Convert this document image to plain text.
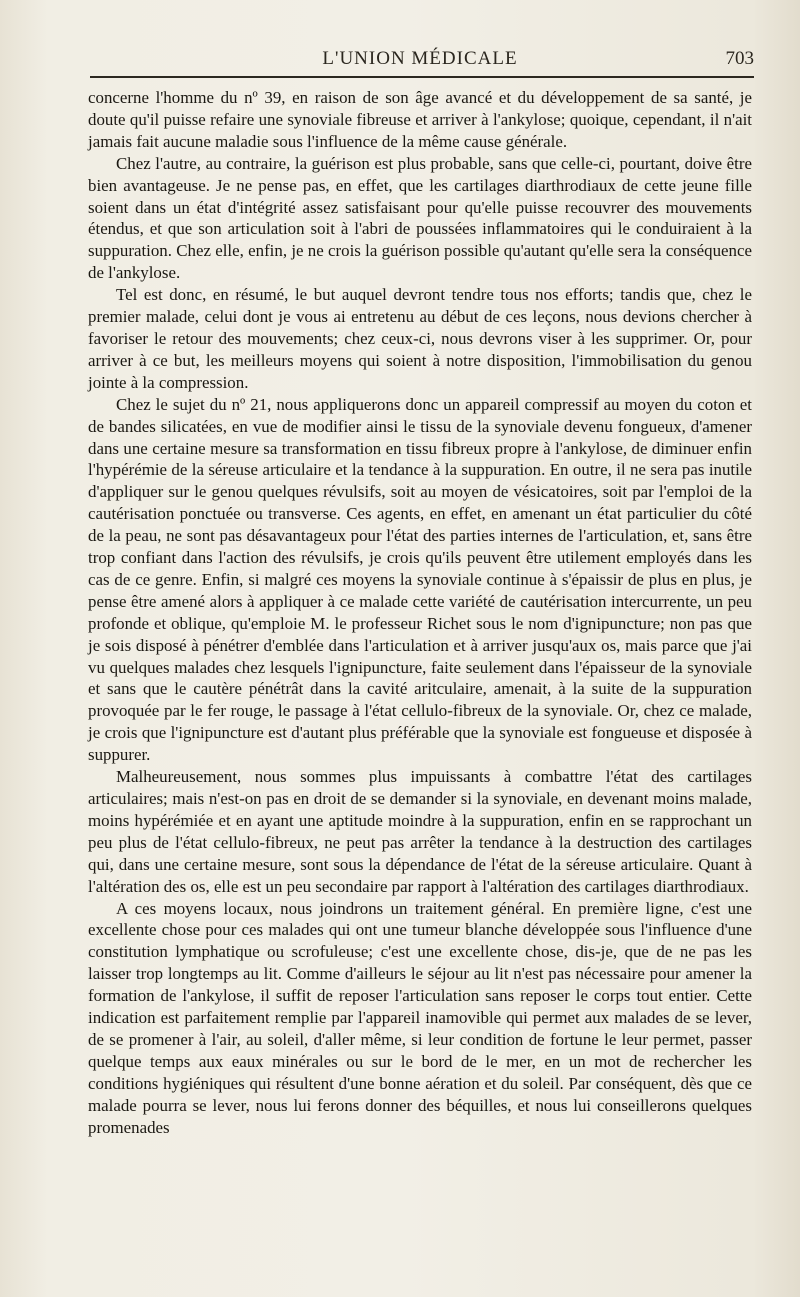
L'UNION MÉDICALE	703

concerne l'homme du nº 39, en raison de son âge avancé et du développement de sa santé, je doute qu'il puisse refaire une synoviale fibreuse et arriver à l'ankylose; quoique, cependant, il n'ait jamais fait aucune maladie sous l'influence de la même cause générale.

Chez l'autre, au contraire, la guérison est plus probable, sans que celle-ci, pourtant, doive être bien avantageuse. Je ne pense pas, en effet, que les cartilages diarthrodiaux de cette jeune fille soient dans un état d'intégrité assez satisfaisant pour qu'elle puisse recouvrer des mouvements étendus, et que son articulation soit à l'abri de poussées inflammatoires qui le conduiraient à la suppuration. Chez elle, enfin, je ne crois la guérison possible qu'autant qu'elle sera la conséquence de l'ankylose.

Tel est donc, en résumé, le but auquel devront tendre tous nos efforts; tandis que, chez le premier malade, celui dont je vous ai entretenu au début de ces leçons, nous devions chercher à favoriser le retour des mouvements; chez ceux-ci, nous devrons viser à les supprimer. Or, pour arriver à ce but, les meilleurs moyens qui soient à notre disposition, l'immobilisation du genou jointe à la compression.

Chez le sujet du nº 21, nous appliquerons donc un appareil compressif au moyen du coton et de bandes silicatées, en vue de modifier ainsi le tissu de la synoviale devenu fongueux, d'amener dans une certaine mesure sa transformation en tissu fibreux propre à l'ankylose, de diminuer enfin l'hypérémie de la séreuse articulaire et la tendance à la suppuration. En outre, il ne sera pas inutile d'appliquer sur le genou quelques révulsifs, soit au moyen de vésicatoires, soit par l'emploi de la cautérisation ponctuée ou transverse. Ces agents, en effet, en amenant un état particulier du côté de la peau, ne sont pas désavantageux pour l'état des parties internes de l'articulation, et, sans être trop confiant dans l'action des révulsifs, je crois qu'ils peuvent être utilement employés dans les cas de ce genre. Enfin, si malgré ces moyens la synoviale continue à s'épaissir de plus en plus, je pense être amené alors à appliquer à ce malade cette variété de cautérisation intercurrente, un peu profonde et oblique, qu'emploie M. le professeur Richet sous le nom d'ignipuncture; non pas que je sois disposé à pénétrer d'emblée dans l'articulation et à arriver jusqu'aux os, mais parce que j'ai vu quelques malades chez lesquels l'ignipuncture, faite seulement dans l'épaisseur de la synoviale et sans que le cautère pénétrât dans la cavité aritculaire, amenait, à la suite de la suppuration provoquée par le fer rouge, le passage à l'état cellulo-fibreux de la synoviale. Or, chez ce malade, je crois que l'ignipuncture est d'autant plus préférable que la synoviale est fongueuse et disposée à suppurer.

Malheureusement, nous sommes plus impuissants à combattre l'état des cartilages articulaires; mais n'est-on pas en droit de se demander si la synoviale, en devenant moins malade, moins hypérémiée et en ayant une aptitude moindre à la suppuration, enfin en se rapprochant un peu plus de l'état cellulo-fibreux, ne peut pas arrêter la tendance à la destruction des cartilages qui, dans une certaine mesure, sont sous la dépendance de l'état de la séreuse articulaire. Quant à l'altération des os, elle est un peu secondaire par rapport à l'altération des cartilages diarthrodiaux.

A ces moyens locaux, nous joindrons un traitement général. En première ligne, c'est une excellente chose pour ces malades qui ont une tumeur blanche développée sous l'influence d'une constitution lymphatique ou scrofuleuse; c'est une excellente chose, dis-je, que de ne pas les laisser trop longtemps au lit. Comme d'ailleurs le séjour au lit n'est pas nécessaire pour amener la formation de l'ankylose, il suffit de reposer l'articulation sans reposer le corps tout entier. Cette indication est parfaitement remplie par l'appareil inamovible qui permet aux malades de se lever, de se promener à l'air, au soleil, d'aller même, si leur condition de fortune le leur permet, passer quelque temps aux eaux minérales ou sur le bord de le mer, en un mot de rechercher les conditions hygiéniques qui résultent d'une bonne aération et du soleil. Par conséquent, dès que ce malade pourra se lever, nous lui ferons donner des béquilles, et nous lui conseillerons quelques promenades
